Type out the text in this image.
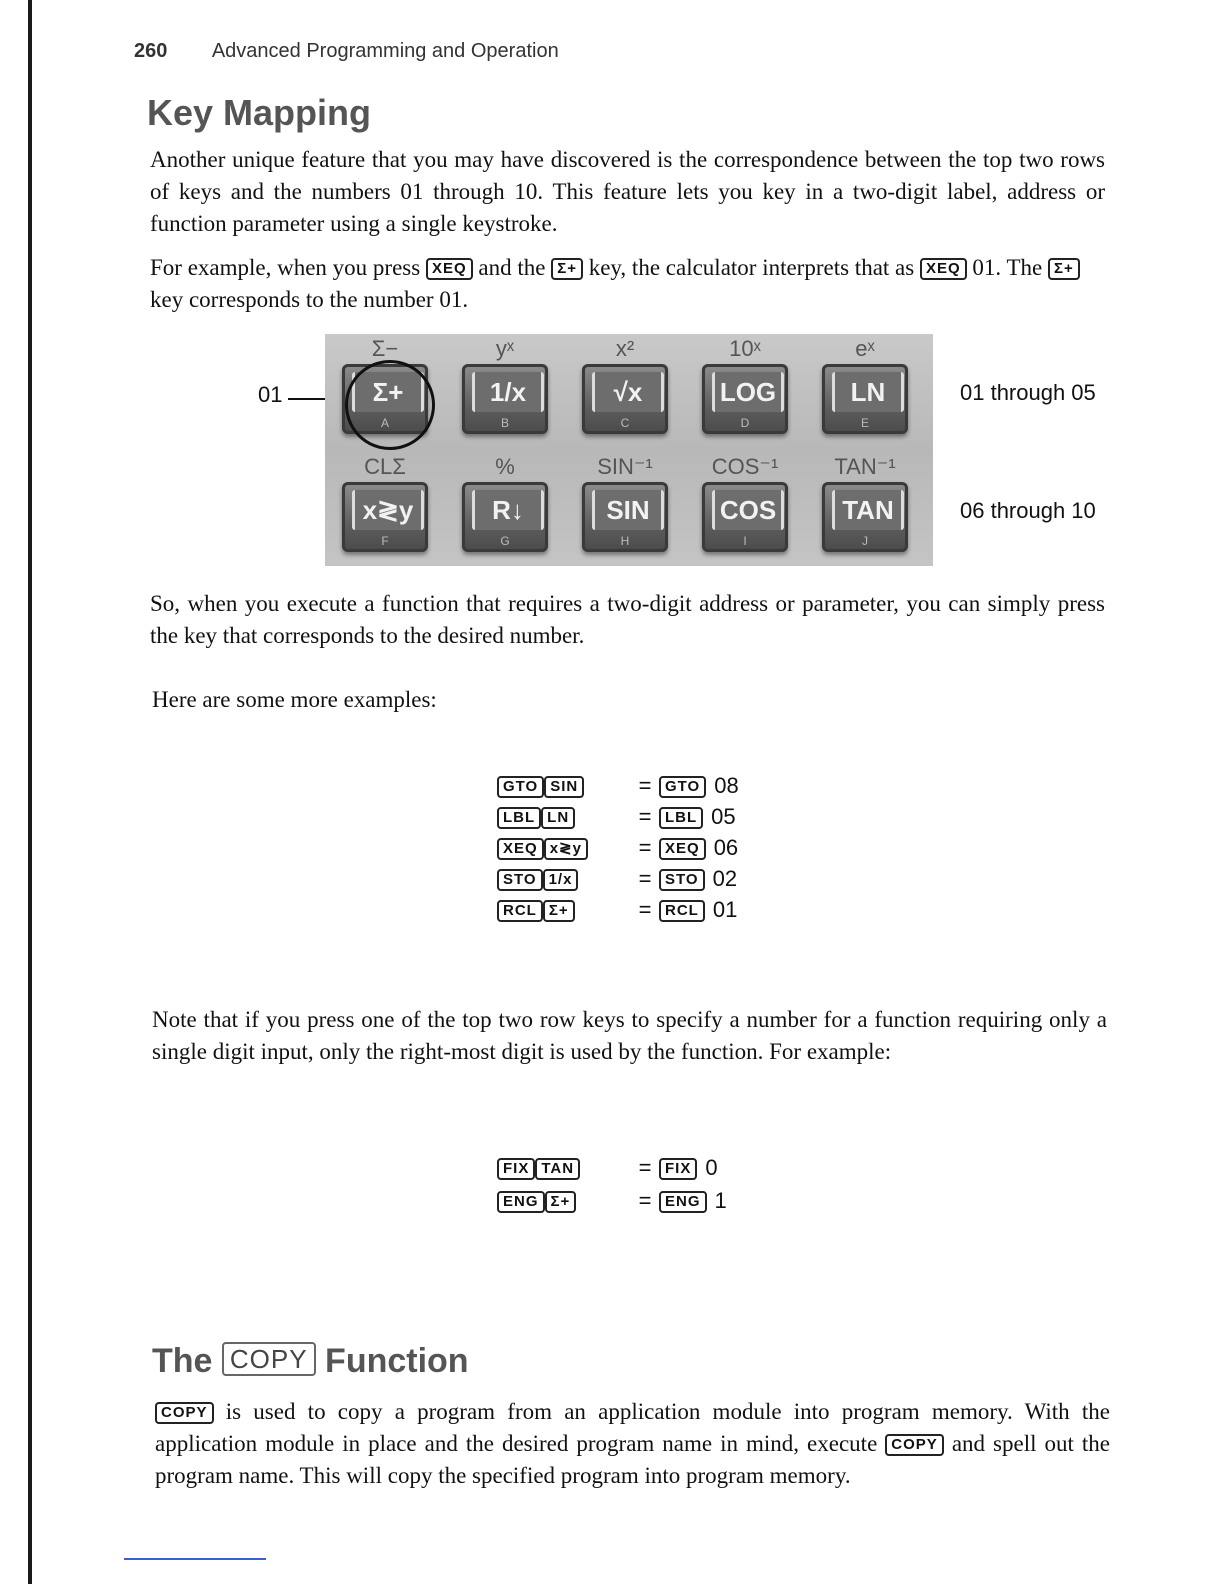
260 Advanced Programming and Operation
Key Mapping

Another unique feature that you may have discovered is the correspondence between the top two rows of keys and the numbers 01 through 10. This feature lets you key in a two-digit label, address or function parameter using a single keystroke.

For example, when you press XEQ and the Σ+ key, the calculator interprets that as XEQ 01. The Σ+ key corresponds to the number 01.

01
Σ−	yˣ	x²	10ˣ	eˣ
Σ+
A
1/x
B
√x
C
LOG
D
LN
E
CLΣ	%	SIN⁻¹	COS⁻¹	TAN⁻¹
x≷y
F
R↓
G
SIN
H
COS
I
TAN
J
01 through 05
06 through 10

So, when you execute a function that requires a two-digit address or parameter, you can simply press the key that corresponds to the desired number.

Here are some more examples:

GTO SIN	= GTO 08
LBL LN	= LBL 05
XEQ x≷y	= XEQ 06
STO 1/x	= STO 02
RCL Σ+	= RCL 01

Note that if you press one of the top two row keys to specify a number for a function requiring only a single digit input, only the right-most digit is used by the function. For example:

FIX TAN	= FIX 0
ENG Σ+	= ENG 1
The COPY Function

COPY is used to copy a program from an application module into program memory. With the application module in place and the desired program name in mind, execute COPY and spell out the program name. This will copy the specified program into program memory.
